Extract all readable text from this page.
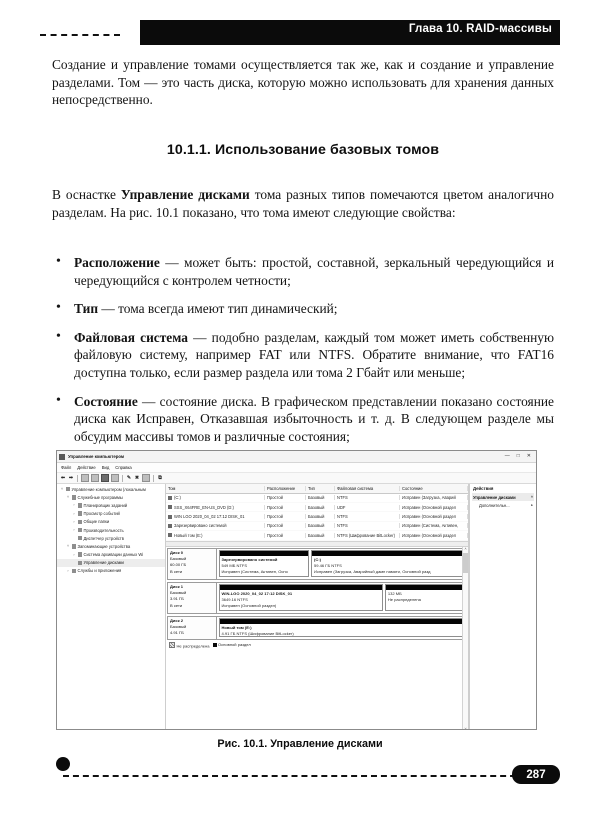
Глава 10. RAID-массивы

Создание и управление томами осуществляется так же, как и создание и управление разделами. Том — это часть диска, которую можно использовать для хранения данных непосредственно.

10.1.1. Использование базовых томов

В оснастке Управление дисками тома разных типов помечаются цветом аналогично разделам. На рис. 10.1 показано, что тома имеют следующие свойства:

• Расположение — может быть: простой, составной, зеркальный чередующийся и чередующийся с контролем четности;
• Тип — тома всегда имеют тип динамический;
• Файловая система — подобно разделам, каждый том может иметь собственную файловую систему, например FAT или NTFS. Обратите внимание, что FAT16 доступна только, если размер раздела или тома 2 Гбайт или меньше;
• Состояние — состояние диска. В графическом представлении показано состояние диска как Исправен, Отказавшая избыточность и т. д. В следующем разделе мы обсудим массивы томов и различные состояния;
Управление компьютером	— □ ✕
Файл Действие Вид Справка
⬅ ➡	✎ ✖	⧉
˅ Управление компьютером (локальным
˅ Служебные программы
›	Планировщик заданий
›	Просмотр событий
›	Общие папки
›	Производительность
Диспетчер устройств
˅ Запоминающие устройства
›	Система архивации данных Wi
Управление дисками
›	Службы и приложения
Том	Расположение	Тип	Файловая система	Состояние
(C:)	Простой	Базовый	NTFS	Исправен (Загрузка, Аварий
SSS_X64FRE_EN-US_DVD (D:)	Простой	Базовый	UDF	Исправен (Основной раздел
WIN LGO 2020_04_02 17:12 DISK_01	Простой	Базовый	NTFS	Исправен (Основной раздел
Зарезервировано системой	Простой	Базовый	NTFS	Исправен (Система, Активен,
Новый том (E:)	Простой	Базовый	NTFS (Шифрование BitLocker)	Исправен (Основной раздел
Диск 0
Базовый
60.00 ГБ
В сети
Зарезервировано системой
549 МБ NTFS
Исправен (Система, Активен, Осно
(C:)
59.46 ГБ NTFS
Исправен (Загрузка, Аварийный дамп памяти, Основной разд
Диск 1
Базовый
3.91 ГБ
В сети
WIN-LGO 2020_04_02 17:12 DISK_01
3649.16 NTFS
Исправен (Основной раздел)
132 МБ
Не распределена
Диск 2
Базовый
4.91 ГБ
Новый том (E:)
4.91 ГБ NTFS (Шифрование BitLocker)
Не распределена	Основной раздел
˄
˅
Действия
Управление дисками	˄
Дополнительн...	▸
Рис. 10.1. Управление дисками
287
